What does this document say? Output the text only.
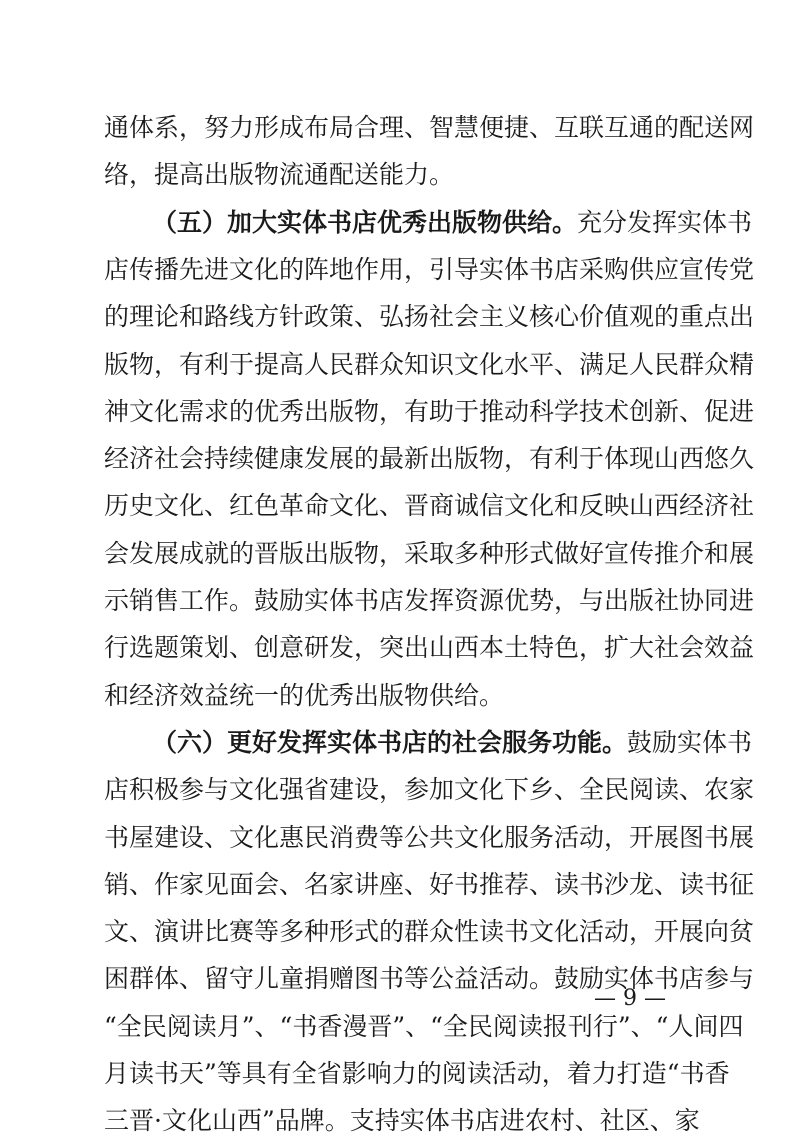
通体系，努力形成布局合理、智慧便捷、互联互通的配送网
络，提高出版物流通配送能力。
（五）加大实体书店优秀出版物供给。充分发挥实体书
店传播先进文化的阵地作用，引导实体书店采购供应宣传党
的理论和路线方针政策、弘扬社会主义核心价值观的重点出
版物，有利于提高人民群众知识文化水平、满足人民群众精
神文化需求的优秀出版物，有助于推动科学技术创新、促进
经济社会持续健康发展的最新出版物，有利于体现山西悠久
历史文化、红色革命文化、晋商诚信文化和反映山西经济社
会发展成就的晋版出版物，采取多种形式做好宣传推介和展
示销售工作。鼓励实体书店发挥资源优势，与出版社协同进
行选题策划、创意研发，突出山西本土特色，扩大社会效益
和经济效益统一的优秀出版物供给。
（六）更好发挥实体书店的社会服务功能。鼓励实体书
店积极参与文化强省建设，参加文化下乡、全民阅读、农家
书屋建设、文化惠民消费等公共文化服务活动，开展图书展
销、作家见面会、名家讲座、好书推荐、读书沙龙、读书征
文、演讲比赛等多种形式的群众性读书文化活动，开展向贫
困群体、留守儿童捐赠图书等公益活动。鼓励实体书店参与
“全民阅读月”、“书香漫晋”、“全民阅读报刊行”、“人间四
月读书天”等具有全省影响力的阅读活动，着力打造“书香
三晋·文化山西”品牌。支持实体书店进农村、社区、家
— 9 —
